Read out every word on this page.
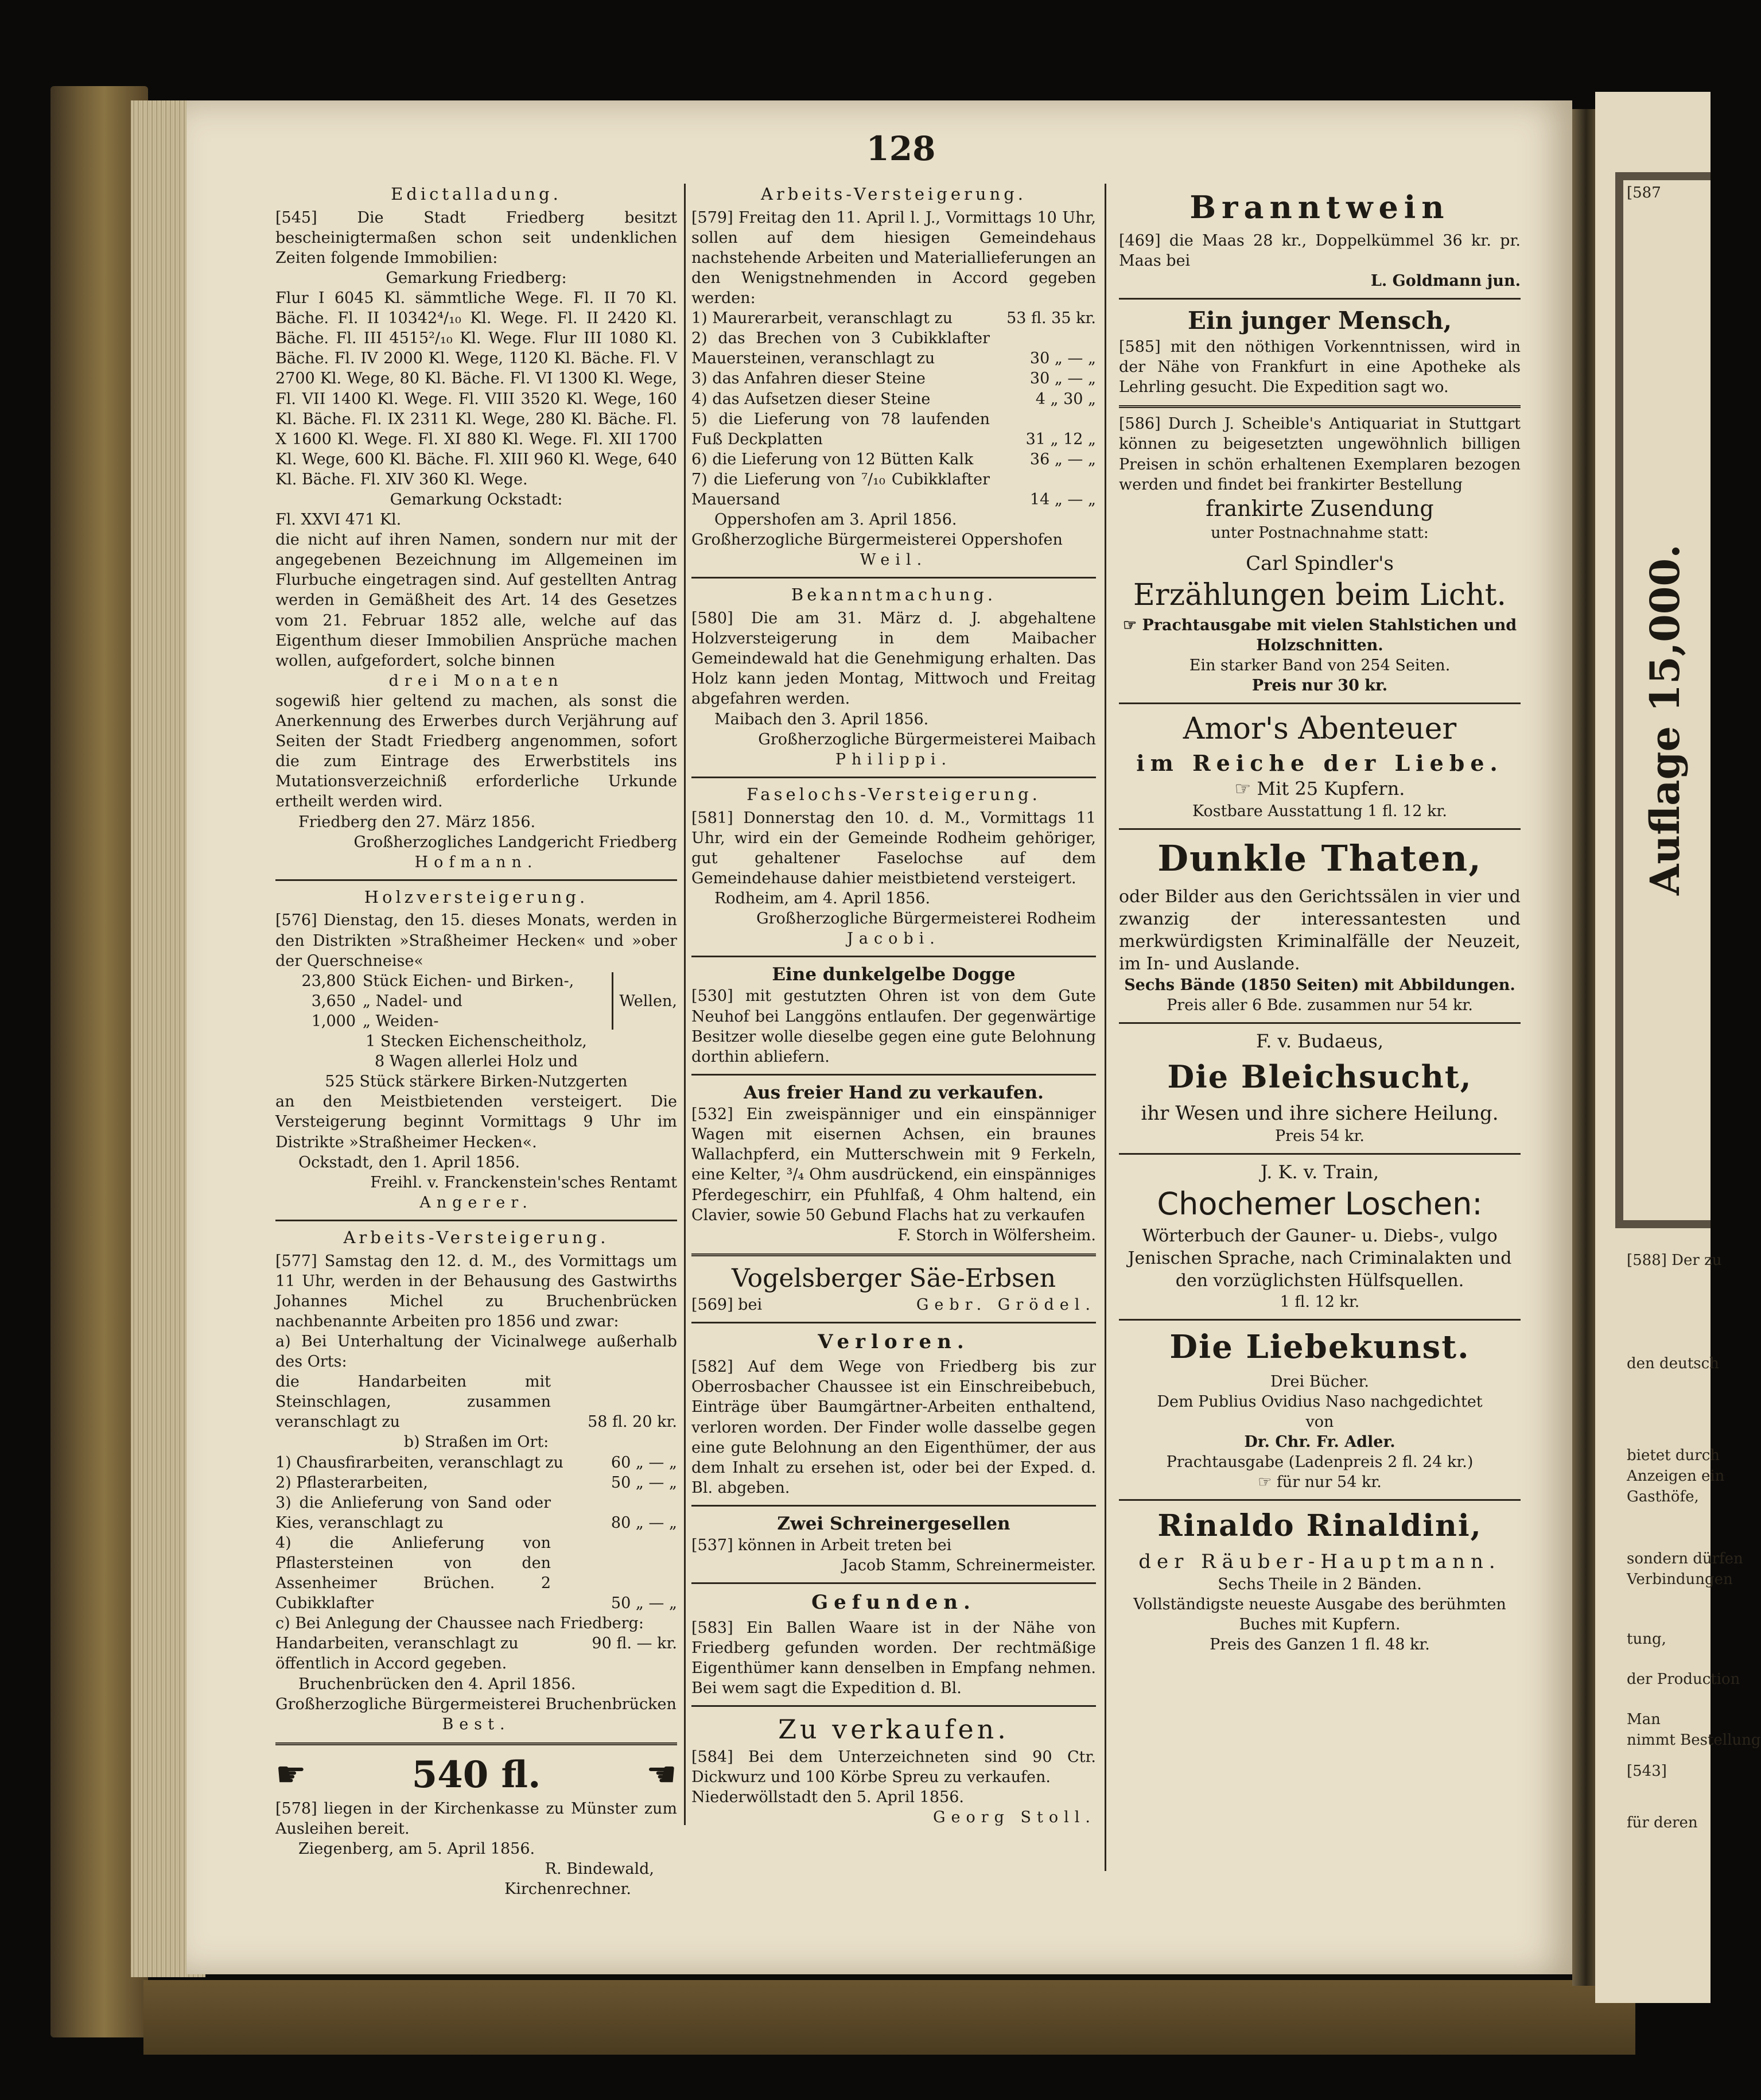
[587
Auflage 15,000.
[588] Der zu
den deutsch
bietet durch
Anzeigen ein
Gasthöfe,
sondern dürfen
Verbindungen
tung,
der Production
Man
nimmt Bestellung
[543]
für deren
128
Edictalladung.

[545] Die Stadt Friedberg besitzt bescheinigtermaßen schon seit undenklichen Zeiten folgende Immobilien:

Gemarkung Friedberg:

Flur I 6045 Kl. sämmtliche Wege. Fl. II 70 Kl. Bäche. Fl. II 10342⁴/₁₀ Kl. Wege. Fl. II 2420 Kl. Bäche. Fl. III 4515²/₁₀ Kl. Wege. Flur III 1080 Kl. Bäche. Fl. IV 2000 Kl. Wege, 1120 Kl. Bäche. Fl. V 2700 Kl. Wege, 80 Kl. Bäche. Fl. VI 1300 Kl. Wege, Fl. VII 1400 Kl. Wege. Fl. VIII 3520 Kl. Wege, 160 Kl. Bäche. Fl. IX 2311 Kl. Wege, 280 Kl. Bäche. Fl. X 1600 Kl. Wege. Fl. XI 880 Kl. Wege. Fl. XII 1700 Kl. Wege, 600 Kl. Bäche. Fl. XIII 960 Kl. Wege, 640 Kl. Bäche. Fl. XIV 360 Kl. Wege.

Gemarkung Ockstadt:

Fl. XXVI 471 Kl.

die nicht auf ihren Namen, sondern nur mit der angegebenen Bezeichnung im Allgemeinen im Flurbuche eingetragen sind. Auf gestellten Antrag werden in Gemäßheit des Art. 14 des Gesetzes vom 21. Februar 1852 alle, welche auf das Eigenthum dieser Immobilien Ansprüche machen wollen, aufgefordert, solche binnen

drei Monaten

sogewiß hier geltend zu machen, als sonst die Anerkennung des Erwerbes durch Verjährung auf Seiten der Stadt Friedberg angenommen, sofort die zum Eintrage des Erwerbstitels ins Mutationsverzeichniß erforderliche Urkunde ertheilt werden wird.

Friedberg den 27. März 1856.
Großherzogliches Landgericht Friedberg
Hofmann.
Holzversteigerung.

[576] Dienstag, den 15. dieses Monats, werden in den Distrikten »Straßheimer Hecken« und »ober der Querschneise«

23,800 Stück Eichen- und Birken-,
3,650 „ Nadel- und
1,000 „ Weiden-
Wellen,
1 Stecken Eichenscheitholz,
8 Wagen allerlei Holz und
525 Stück stärkere Birken-Nutzgerten

an den Meistbietenden versteigert. Die Versteigerung beginnt Vormittags 9 Uhr im Distrikte »Straßheimer Hecken«.

Ockstadt, den 1. April 1856.
Freihl. v. Franckenstein'sches Rentamt
Angerer.
Arbeits-Versteigerung.

[577] Samstag den 12. d. M., des Vormittags um 11 Uhr, werden in der Behausung des Gastwirths Johannes Michel zu Bruchenbrücken nachbenannte Arbeiten pro 1856 und zwar:

a) Bei Unterhaltung der Vicinalwege außerhalb des Orts:
die Handarbeiten mit Steinschlagen, zusammen veranschlagt zu	58 fl. 20 kr.
b) Straßen im Ort:
1) Chausfirarbeiten, veranschlagt zu	60 „ — „
2) Pflasterarbeiten,	50 „ — „
3) die Anlieferung von Sand oder Kies, veranschlagt zu	80 „ — „
4) die Anlieferung von Pflastersteinen von den Assenheimer Brüchen. 2 Cubikklafter	50 „ — „
c) Bei Anlegung der Chaussee nach Friedberg:
Handarbeiten, veranschlagt zu	90 fl. — kr.

öffentlich in Accord gegeben.

Bruchenbrücken den 4. April 1856.
Großherzogliche Bürgermeisterei Bruchenbrücken
Best.
☛	540 fl.	☛

[578] liegen in der Kirchenkasse zu Münster zum Ausleihen bereit.

Ziegenberg, am 5. April 1856.
R. Bindewald,
Kirchenrechner.
Arbeits-Versteigerung.

[579] Freitag den 11. April l. J., Vormittags 10 Uhr, sollen auf dem hiesigen Gemeindehaus nachstehende Arbeiten und Materiallieferungen an den Wenigstnehmenden in Accord gegeben werden:

1) Maurerarbeit, veranschlagt zu	53 fl. 35 kr.
2) das Brechen von 3 Cubikklafter Mauersteinen, veranschlagt zu	30 „ — „
3) das Anfahren dieser Steine	30 „ — „
4) das Aufsetzen dieser Steine	4 „ 30 „
5) die Lieferung von 78 laufenden Fuß Deckplatten	31 „ 12 „
6) die Lieferung von 12 Bütten Kalk	36 „ — „
7) die Lieferung von ⁷/₁₀ Cubikklafter Mauersand	14 „ — „
Oppershofen am 3. April 1856.
Großherzogliche Bürgermeisterei Oppershofen
Weil.
Bekanntmachung.

[580] Die am 31. März d. J. abgehaltene Holzversteigerung in dem Maibacher Gemeindewald hat die Genehmigung erhalten. Das Holz kann jeden Montag, Mittwoch und Freitag abgefahren werden.

Maibach den 3. April 1856.
Großherzogliche Bürgermeisterei Maibach
Philippi.
Faselochs-Versteigerung.

[581] Donnerstag den 10. d. M., Vormittags 11 Uhr, wird ein der Gemeinde Rodheim gehöriger, gut gehaltener Faselochse auf dem Gemeindehause dahier meistbietend versteigert.

Rodheim, am 4. April 1856.
Großherzogliche Bürgermeisterei Rodheim
Jacobi.
Eine dunkelgelbe Dogge

[530] mit gestutzten Ohren ist von dem Gute Neuhof bei Langgöns entlaufen. Der gegenwärtige Besitzer wolle dieselbe gegen eine gute Belohnung dorthin abliefern.

Aus freier Hand zu verkaufen.

[532] Ein zweispänniger und ein einspänniger Wagen mit eisernen Achsen, ein braunes Wallachpferd, ein Mutterschwein mit 9 Ferkeln, eine Kelter, ³/₄ Ohm ausdrückend, ein einspänniges Pferdegeschirr, ein Pfuhlfaß, 4 Ohm haltend, ein Clavier, sowie 50 Gebund Flachs hat zu verkaufen

F. Storch in Wölfersheim.
Vogelsberger Säe-Erbsen
[569] bei	Gebr. Grödel.
Verloren.

[582] Auf dem Wege von Friedberg bis zur Oberrosbacher Chaussee ist ein Einschreibebuch, Einträge über Baumgärtner-Arbeiten enthaltend, verloren worden. Der Finder wolle dasselbe gegen eine gute Belohnung an den Eigenthümer, der aus dem Inhalt zu ersehen ist, oder bei der Exped. d. Bl. abgeben.

Zwei Schreinergesellen

[537] können in Arbeit treten bei

Jacob Stamm, Schreinermeister.
Gefunden.

[583] Ein Ballen Waare ist in der Nähe von Friedberg gefunden worden. Der rechtmäßige Eigenthümer kann denselben in Empfang nehmen. Bei wem sagt die Expedition d. Bl.

Zu verkaufen.

[584] Bei dem Unterzeichneten sind 90 Ctr. Dickwurz und 100 Körbe Spreu zu verkaufen.

Niederwöllstadt den 5. April 1856.
Georg Stoll.
Branntwein

[469] die Maas 28 kr., Doppelkümmel 36 kr. pr. Maas bei

L. Goldmann jun.
Ein junger Mensch,

[585] mit den nöthigen Vorkenntnissen, wird in der Nähe von Frankfurt in eine Apotheke als Lehrling gesucht. Die Expedition sagt wo.

[586] Durch J. Scheible's Antiquariat in Stuttgart können zu beigesetzten ungewöhnlich billigen Preisen in schön erhaltenen Exemplaren bezogen werden und findet bei frankirter Bestellung

frankirte Zusendung
unter Postnachnahme statt:
Carl Spindler's
Erzählungen beim Licht.
☞ Prachtausgabe mit vielen Stahlstichen und Holzschnitten.
Ein starker Band von 254 Seiten.
Preis nur 30 kr.
Amor's Abenteuer
im Reiche der Liebe.
☞ Mit 25 Kupfern.
Kostbare Ausstattung 1 fl. 12 kr.
Dunkle Thaten,

oder Bilder aus den Gerichtssälen in vier und zwanzig der interessantesten und merkwürdigsten Kriminalfälle der Neuzeit, im In- und Auslande.

Sechs Bände (1850 Seiten) mit Abbildungen.
Preis aller 6 Bde. zusammen nur 54 kr.
F. v. Budaeus,
Die Bleichsucht,
ihr Wesen und ihre sichere Heilung.
Preis 54 kr.
J. K. v. Train,
Chochemer Loschen:

Wörterbuch der Gauner- u. Diebs-, vulgo Jenischen Sprache, nach Criminalakten und den vorzüglichsten Hülfsquellen.

1 fl. 12 kr.
Die Liebekunst.
Drei Bücher.
Dem Publius Ovidius Naso nachgedichtet
von
Dr. Chr. Fr. Adler.
Prachtausgabe (Ladenpreis 2 fl. 24 kr.)
☞ für nur 54 kr.
Rinaldo Rinaldini,
der Räuber-Hauptmann.
Sechs Theile in 2 Bänden.
Vollständigste neueste Ausgabe des berühmten Buches mit Kupfern.
Preis des Ganzen 1 fl. 48 kr.
